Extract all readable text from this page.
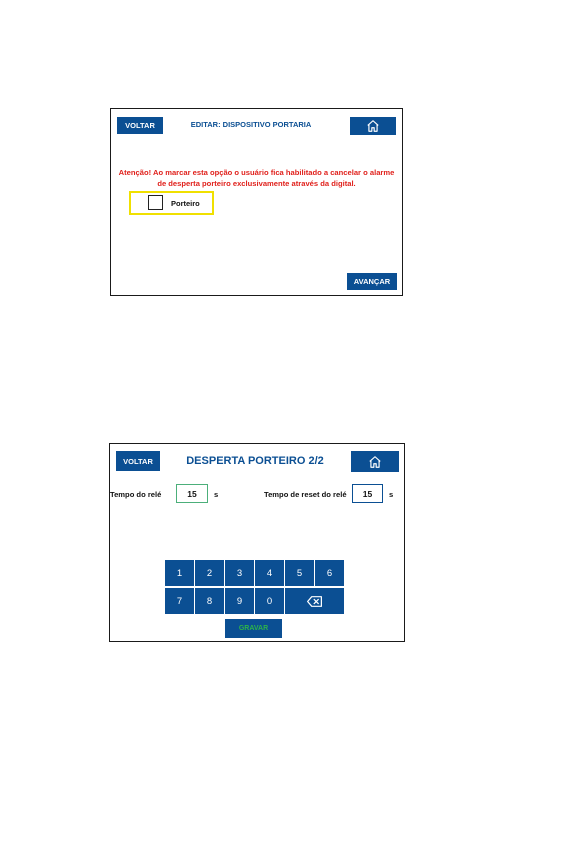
VOLTAR	EDITAR: DISPOSITIVO PORTARIA
Atenção! Ao marcar esta opção o usuário fica habilitado a cancelar o alarme
de desperta porteiro exclusivamente através da digital.
Porteiro
AVANÇAR
VOLTAR	DESPERTA PORTEIRO 2/2
Tempo do relé
15	s	Tempo de reset do relé
15	s
1	2	3	4	5	6
7	8	9	0
GRAVAR
